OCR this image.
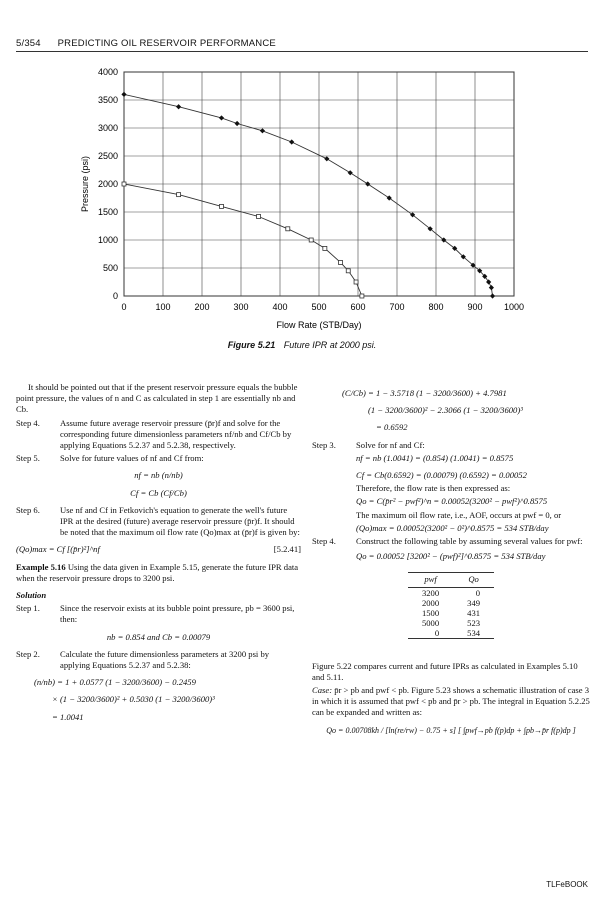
5/354 PREDICTING OIL RESERVOIR PERFORMANCE
0	100	200	300	400	500	600	700	800	900 1000
0
500
1000
1500
2000
2500
3000
3500
4000
Flow Rate (STB/Day)
Pressure (psi)
Figure 5.21 Future IPR at 2000 psi.

It should be pointed out that if the present reservoir pressure equals the bubble point pressure, the values of n and C as calculated in step 1 are essentially nb and Cb.

Step 4.	Assume future average reservoir pressure (p̄r)f and solve for the corresponding future dimensionless parameters nf/nb and Cf/Cb by applying Equations 5.2.37 and 5.2.38, respectively.
Step 5.	Solve for future values of nf and Cf from:
nf = nb (n/nb)
Cf = Cb (Cf/Cb)
Step 6.	Use nf and Cf in Fetkovich's equation to generate the well's future IPR at the desired (future) average reservoir pressure (p̄r)f. It should be noted that the maximum oil flow rate (Qo)max at (p̄r)f is given by:
(Qo)max = Cf [(p̄r)²]^nf	[5.2.41]

Example 5.16 Using the data given in Example 5.15, generate the future IPR data when the reservoir pressure drops to 3200 psi.

Solution

Step 1.	Since the reservoir exists at its bubble point pressure, pb = 3600 psi, then:
nb = 0.854 and Cb = 0.00079
Step 2.	Calculate the future dimensionless parameters at 3200 psi by applying Equations 5.2.37 and 5.2.38:
(n/nb) = 1 + 0.0577 (1 − 3200/3600) − 0.2459
× (1 − 3200/3600)² + 0.5030 (1 − 3200/3600)³
= 1.0041
(C/Cb) = 1 − 3.5718 (1 − 3200/3600) + 4.7981
(1 − 3200/3600)² − 2.3066 (1 − 3200/3600)³
= 0.6592
Step 3.	Solve for nf and Cf:
nf = nb (1.0041) = (0.854) (1.0041) = 0.8575
Cf = Cb(0.6592) = (0.00079) (0.6592) = 0.00052
Therefore, the flow rate is then expressed as:
Qo = C(p̄r² − pwf²)^n = 0.00052(3200² − pwf²)^0.8575
The maximum oil flow rate, i.e., AOF, occurs at pwf = 0, or
(Qo)max = 0.00052(3200² − 0²)^0.8575 = 534 STB/day
Step 4.	Construct the following table by assuming several values for pwf:
Qo = 0.00052 [3200² − (pwf)²]^0.8575 = 534 STB/day
pwf	Qo
3200	0
2000	349
1500	431
5000	523
0	534

Figure 5.22 compares current and future IPRs as calculated in Examples 5.10 and 5.11.

Case: p̄r > pb and pwf < pb. Figure 5.23 shows a schematic illustration of case 3 in which it is assumed that pwf < pb and p̄r > pb. The integral in Equation 5.2.25 can be expanded and written as:

Qo = 0.00708kh / [ln(re/rw) − 0.75 + s] [ ∫pwf→pb f(p)dp + ∫pb→p̄r f(p)dp ]
TLFeBOOK
